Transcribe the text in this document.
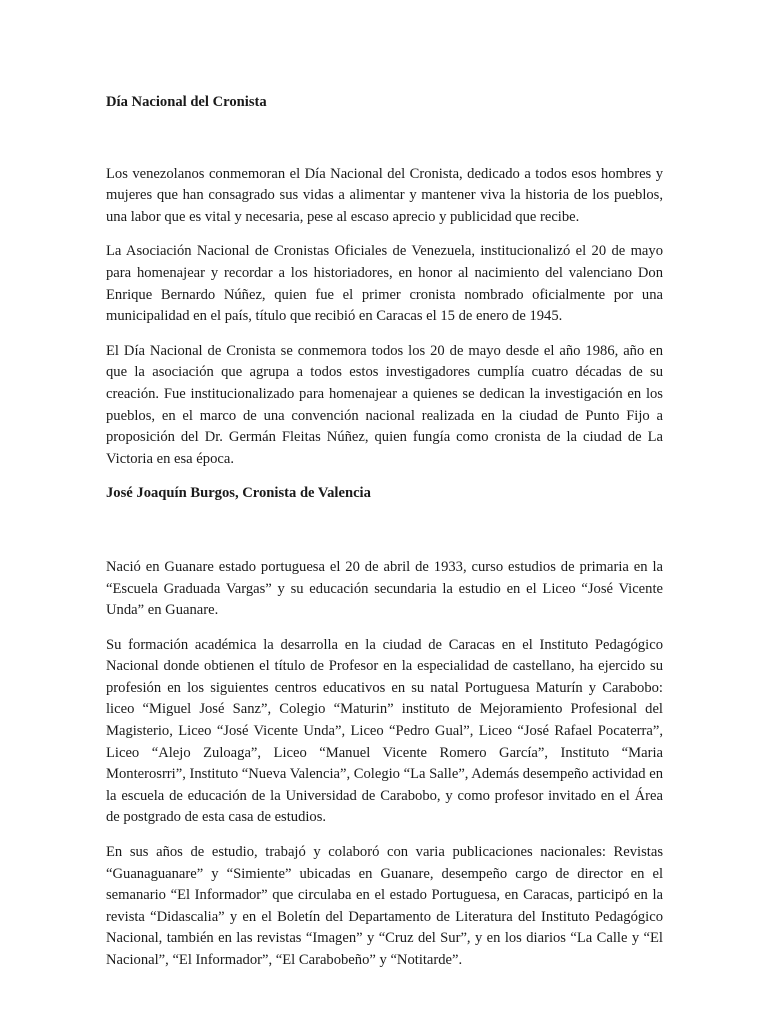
Día Nacional del Cronista

Los venezolanos conmemoran el Día Nacional del Cronista, dedicado a todos esos hombres y mujeres que han consagrado sus vidas a alimentar y mantener viva la historia de los pueblos, una labor que es vital y necesaria, pese al escaso aprecio y publicidad que recibe.

La Asociación Nacional de Cronistas Oficiales de Venezuela, institucionalizó el 20 de mayo para homenajear y recordar a los historiadores, en honor al nacimiento del valenciano Don Enrique Bernardo Núñez, quien fue el primer cronista nombrado oficialmente por una municipalidad en el país, título que recibió en Caracas el 15 de enero de 1945.

El Día Nacional de Cronista se conmemora todos los 20 de mayo desde el año 1986, año en que la asociación que agrupa a todos estos investigadores cumplía cuatro décadas de su creación. Fue institucionalizado para homenajear a quienes se dedican la investigación en los pueblos, en el marco de una convención nacional realizada en la ciudad de Punto Fijo a proposición del Dr. Germán Fleitas Núñez, quien fungía como cronista de la ciudad de La Victoria en esa época.

José Joaquín Burgos, Cronista de Valencia

Nació en Guanare estado portuguesa el 20 de abril de 1933, curso estudios de primaria en la “Escuela Graduada Vargas” y su educación secundaria la estudio en el Liceo “José Vicente Unda” en Guanare.

Su formación académica la desarrolla en la ciudad de Caracas en el Instituto Pedagógico Nacional donde obtienen el título de Profesor en la especialidad de castellano, ha ejercido su profesión en los siguientes centros educativos en su natal Portuguesa Maturín y Carabobo: liceo “Miguel José Sanz”, Colegio “Maturin” instituto de Mejoramiento Profesional del Magisterio, Liceo “José Vicente Unda”, Liceo “Pedro Gual”, Liceo “José Rafael Pocaterra”, Liceo “Alejo Zuloaga”, Liceo “Manuel Vicente Romero García”, Instituto “Maria Monterosrri”, Instituto “Nueva Valencia”, Colegio “La Salle”, Además desempeño actividad en la escuela de educación de la Universidad de Carabobo, y como profesor invitado en el Área de postgrado de esta casa de estudios.

En sus años de estudio, trabajó y colaboró con varia publicaciones nacionales: Revistas “Guanaguanare” y “Simiente” ubicadas en Guanare, desempeño cargo de director en el semanario “El Informador” que circulaba en el estado Portuguesa, en Caracas, participó en la revista “Didascalia” y en el Boletín del Departamento de Literatura del Instituto Pedagógico Nacional, también en las revistas “Imagen” y “Cruz del Sur”, y en los diarios “La Calle y “El Nacional”, “El Informador”, “El Carabobeño” y “Notitarde”.
